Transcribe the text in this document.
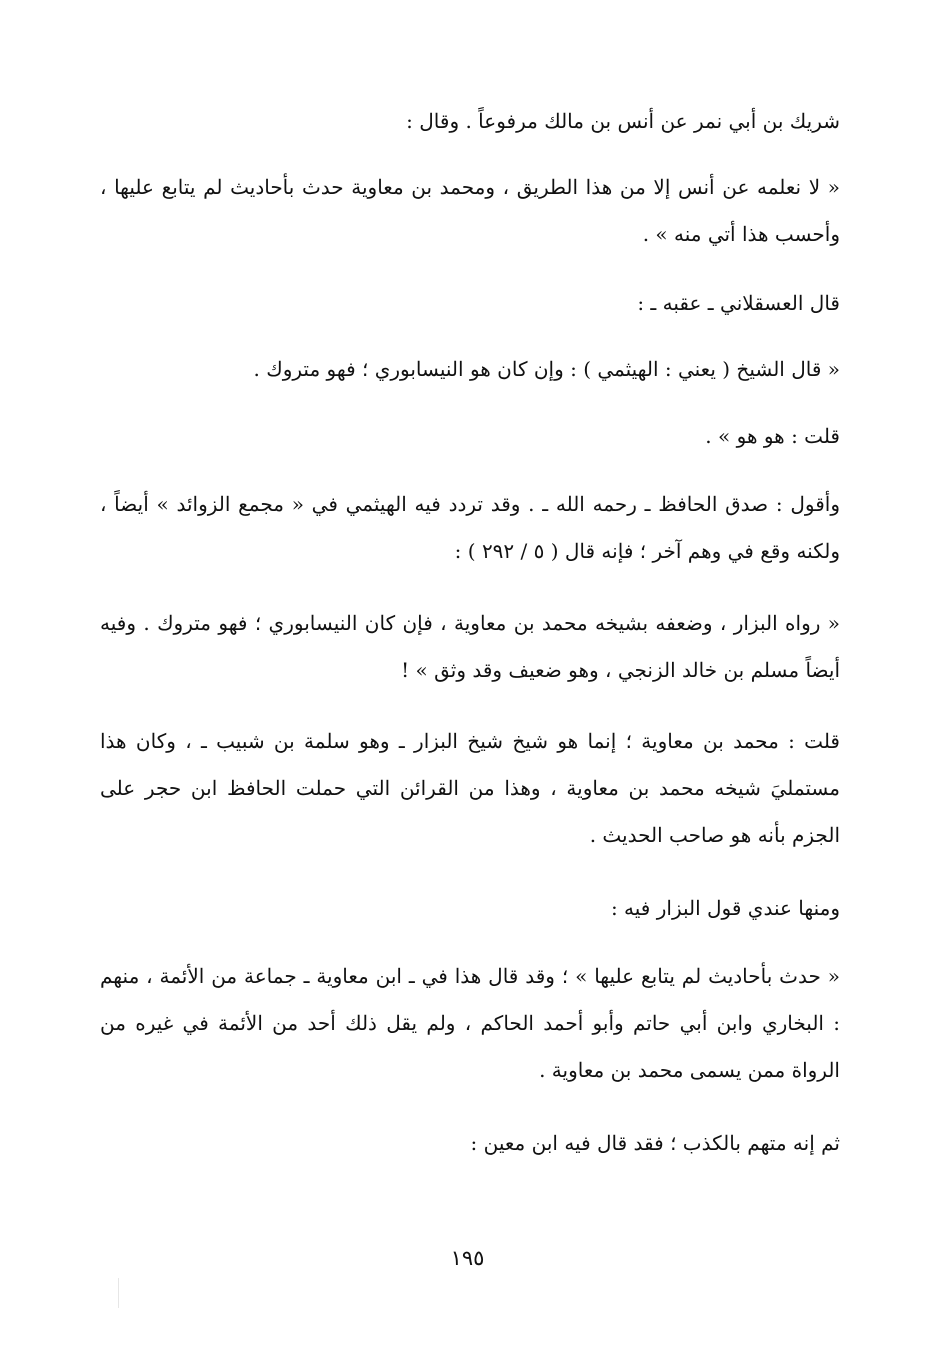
شريك بن أبي نمر عن أنس بن مالك مرفوعاً . وقال :

« لا نعلمه عن أنس إلا من هذا الطريق ، ومحمد بن معاوية حدث بأحاديث لم يتابع عليها ، وأحسب هذا أتي منه » .

قال العسقلاني ـ عقبه ـ :

« قال الشيخ ( يعني : الهيثمي ) : وإن كان هو النيسابوري ؛ فهو متروك .

قلت : هو هو » .

وأقول : صدق الحافظ ـ رحمه الله ـ . وقد تردد فيه الهيثمي في « مجمع الزوائد » أيضاً ، ولكنه وقع في وهم آخر ؛ فإنه قال ( ٥ / ٢٩٢ ) :

« رواه البزار ، وضعفه بشيخه محمد بن معاوية ، فإن كان النيسابوري ؛ فهو متروك . وفيه أيضاً مسلم بن خالد الزنجي ، وهو ضعيف وقد وثق » !

قلت : محمد بن معاوية ؛ إنما هو شيخ شيخ البزار ـ وهو سلمة بن شبيب ـ ، وكان هذا مستمليَ شيخه محمد بن معاوية ، وهذا من القرائن التي حملت الحافظ ابن حجر على الجزم بأنه هو صاحب الحديث .

ومنها عندي قول البزار فيه :

« حدث بأحاديث لم يتابع عليها » ؛ وقد قال هذا في ـ ابن معاوية ـ جماعة من الأئمة ، منهم : البخاري وابن أبي حاتم وأبو أحمد الحاكم ، ولم يقل ذلك أحد من الأئمة في غيره من الرواة ممن يسمى محمد بن معاوية .

ثم إنه متهم بالكذب ؛ فقد قال فيه ابن معين :

١٩٥
